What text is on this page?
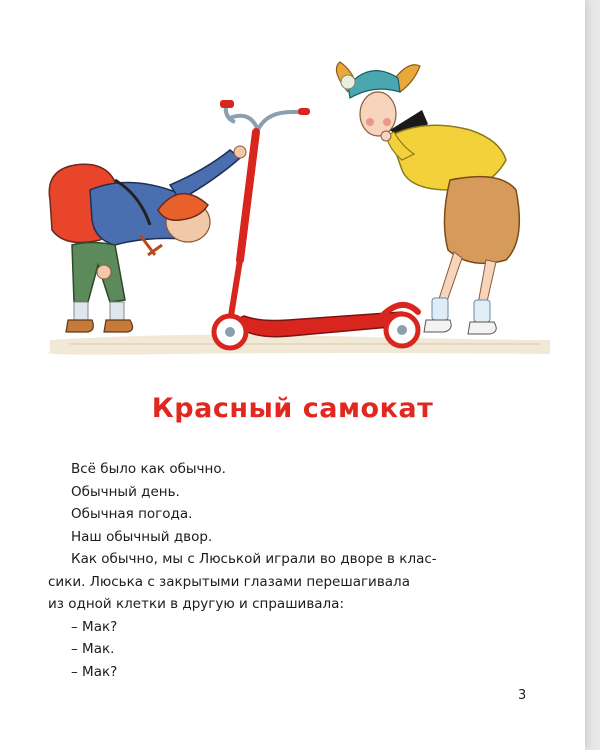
Красный самокат

Всё было как обычно.

Обычный день.

Обычная погода.

Наш обычный двор.

Как обычно, мы с Люськой играли во дворе в клас-

сики. Люська с закрытыми глазами перешагивала

из одной клетки в другую и спрашивала:

– Мак?

– Мак.

– Мак?

3
